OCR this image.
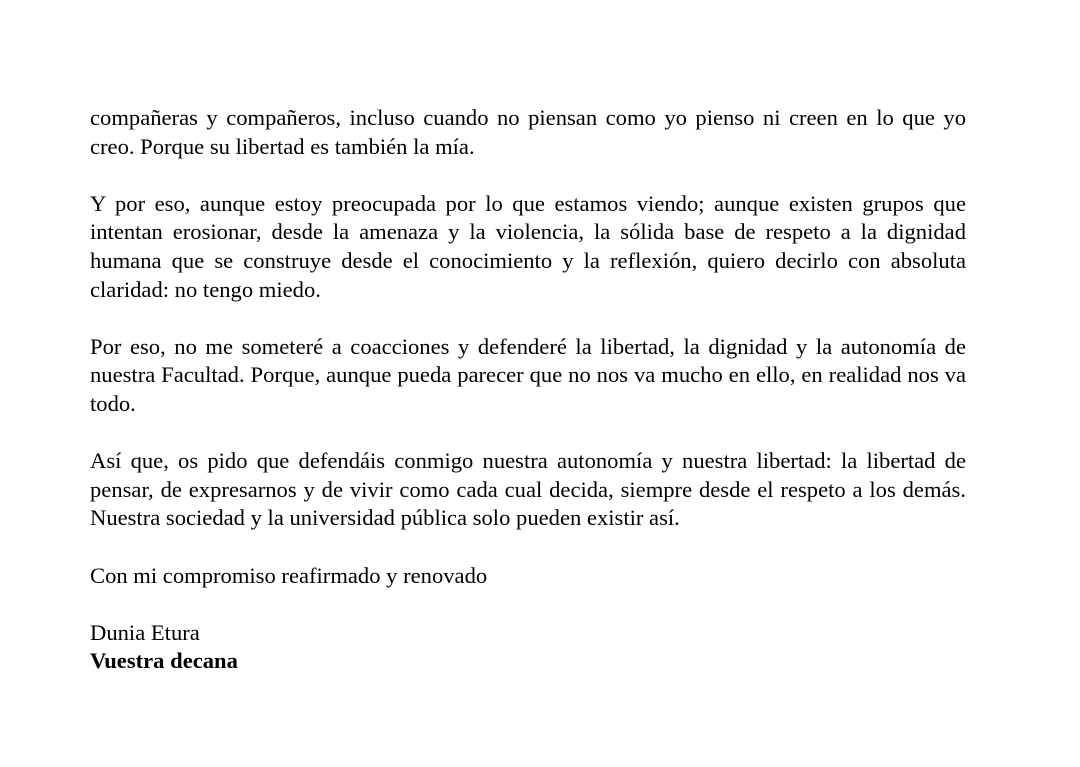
compañeras y compañeros, incluso cuando no piensan como yo pienso ni creen en lo que yo creo. Porque su libertad es también la mía.

Y por eso, aunque estoy preocupada por lo que estamos viendo; aunque existen grupos que intentan erosionar, desde la amenaza y la violencia, la sólida base de respeto a la dignidad humana que se construye desde el conocimiento y la reflexión, quiero decirlo con absoluta claridad: no tengo miedo.

Por eso, no me someteré a coacciones y defenderé la libertad, la dignidad y la autonomía de nuestra Facultad. Porque, aunque pueda parecer que no nos va mucho en ello, en realidad nos va todo.

Así que, os pido que defendáis conmigo nuestra autonomía y nuestra libertad: la libertad de pensar, de expresarnos y de vivir como cada cual decida, siempre desde el respeto a los demás. Nuestra sociedad y la universidad pública solo pueden existir así.

Con mi compromiso reafirmado y renovado

Dunia Etura
Vuestra decana
